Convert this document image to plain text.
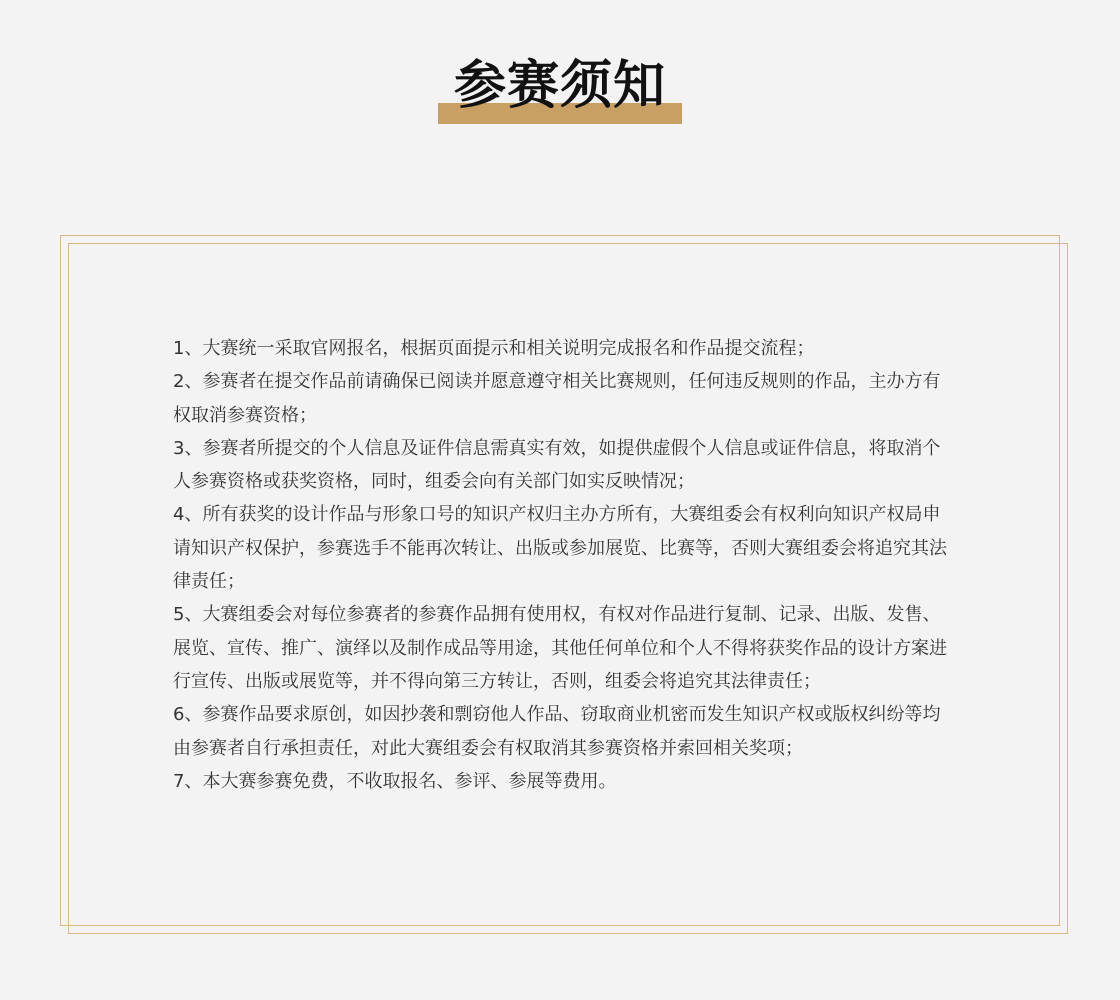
参赛须知
1、大赛统一采取官网报名，根据页面提示和相关说明完成报名和作品提交流程；
2、参赛者在提交作品前请确保已阅读并愿意遵守相关比赛规则，任何违反规则的作品，主办方有权取消参赛资格；
3、参赛者所提交的个人信息及证件信息需真实有效，如提供虚假个人信息或证件信息，将取消个人参赛资格或获奖资格，同时，组委会向有关部门如实反映情况；
4、所有获奖的设计作品与形象口号的知识产权归主办方所有，大赛组委会有权利向知识产权局申请知识产权保护，参赛选手不能再次转让、出版或参加展览、比赛等，否则大赛组委会将追究其法律责任；
5、大赛组委会对每位参赛者的参赛作品拥有使用权，有权对作品进行复制、记录、出版、发售、展览、宣传、推广、演绎以及制作成品等用途，其他任何单位和个人不得将获奖作品的设计方案进行宣传、出版或展览等，并不得向第三方转让，否则，组委会将追究其法律责任；
6、参赛作品要求原创，如因抄袭和剽窃他人作品、窃取商业机密而发生知识产权或版权纠纷等均由参赛者自行承担责任，对此大赛组委会有权取消其参赛资格并索回相关奖项；
7、本大赛参赛免费，不收取报名、参评、参展等费用。
